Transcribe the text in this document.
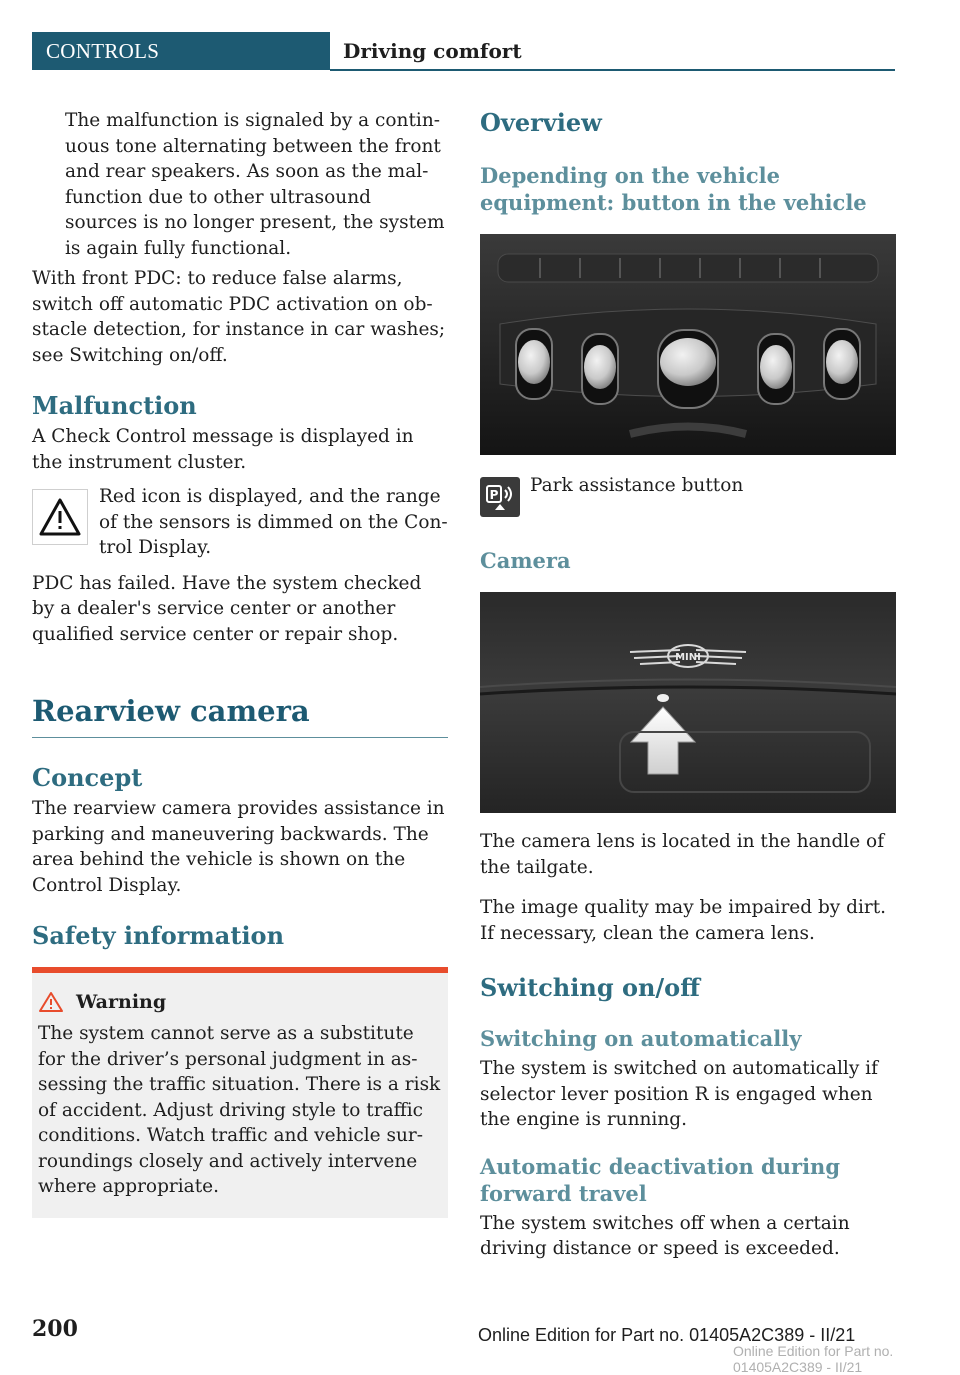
CONTROLS	Driving comfort

The malfunction is signaled by a continuous tone alternating between the front and rear speakers. As soon as the malfunction due to other ultrasound sources is no longer present, the system is again fully functional.

With front PDC: to reduce false alarms, switch off automatic PDC activation on obstacle detection, for instance in car washes; see Switching on/off.

Malfunction

A Check Control message is displayed in the instrument cluster.

Red icon is displayed, and the range of the sensors is dimmed on the Control Display.

PDC has failed. Have the system checked by a dealer's service center or another qualified service center or repair shop.

Rearview camera
Concept

The rearview camera provides assistance in parking and maneuvering backwards. The area behind the vehicle is shown on the Control Display.

Safety information
Warning

The system cannot serve as a substitute for the driver’s personal judgment in assessing the traffic situation. There is a risk of accident. Adjust driving style to traffic conditions. Watch traffic and vehicle surroundings closely and actively intervene where appropriate.

Overview
Depending on the vehicle equipment: button in the vehicle
P Park assistance button

Camera
MINI

The camera lens is located in the handle of the tailgate.

The image quality may be impaired by dirt. If necessary, clean the camera lens.

Switching on/off
Switching on automatically

The system is switched on automatically if selector lever position R is engaged when the engine is running.

Automatic deactivation during forward travel

The system switches off when a certain driving distance or speed is exceeded.

200	Online Edition for Part no. 01405A2C389 - II/21
Online Edition for Part no. 01405A2C389 - II/21
